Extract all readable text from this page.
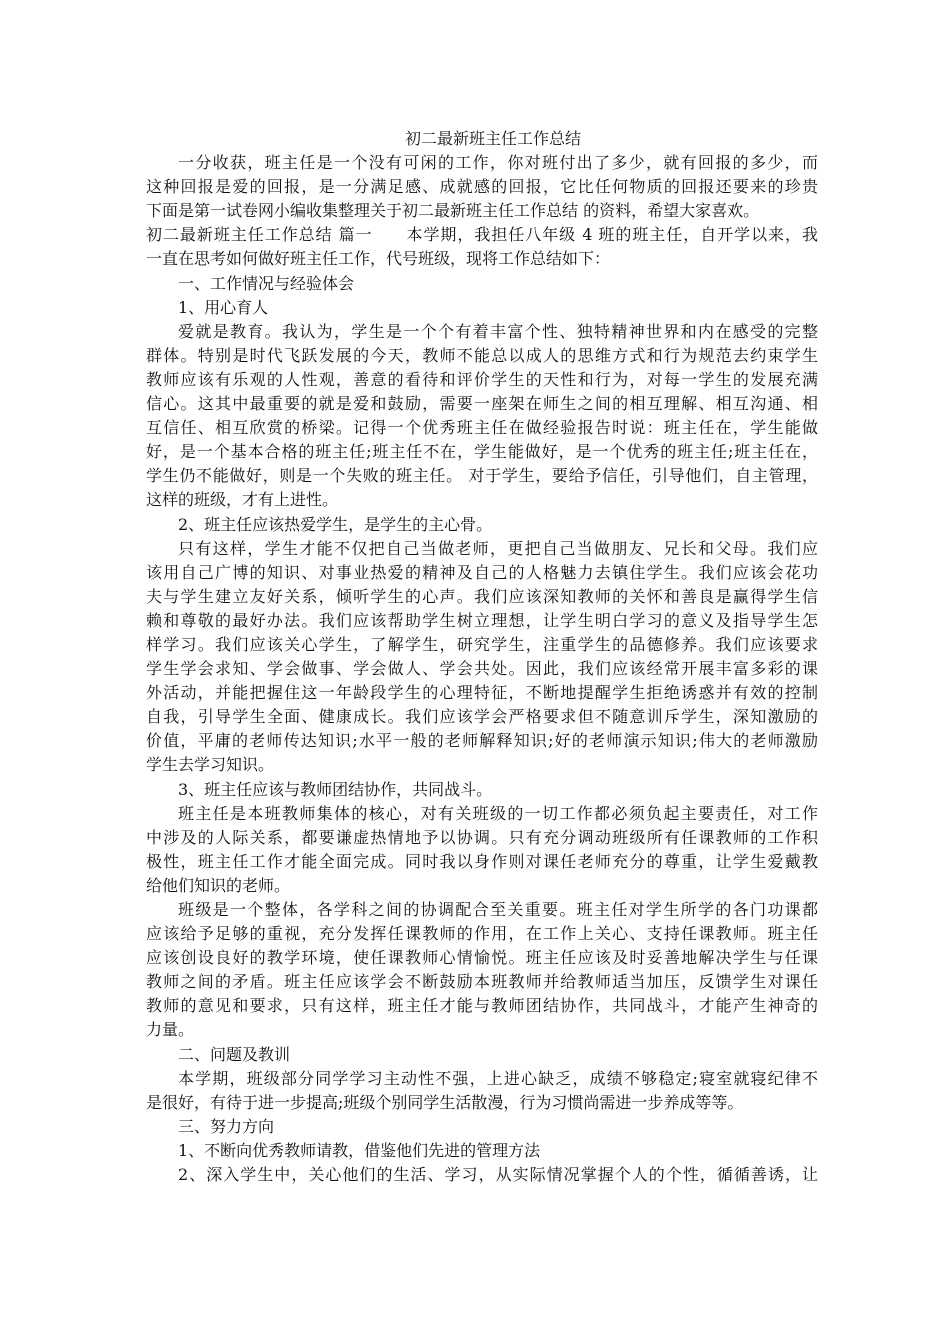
初二最新班主任工作总结
一分收获，班主任是一个没有可闲的工作，你对班付出了多少，就有回报的多少，而
这种回报是爱的回报，是一分满足感、成就感的回报，它比任何物质的回报还要来的珍贵
下面是第一试卷网小编收集整理关于初二最新班主任工作总结 的资料，希望大家喜欢。
初二最新班主任工作总结 篇一　　本学期，我担任八年级 4 班的班主任，自开学以来，我
一直在思考如何做好班主任工作，代号班级，现将工作总结如下：
一、工作情况与经验体会
1、用心育人
爱就是教育。我认为，学生是一个个有着丰富个性、独特精神世界和内在感受的完整
群体。特别是时代飞跃发展的今天，教师不能总以成人的思维方式和行为规范去约束学生
教师应该有乐观的人性观，善意的看待和评价学生的天性和行为，对每一学生的发展充满
信心。这其中最重要的就是爱和鼓励，需要一座架在师生之间的相互理解、相互沟通、相
互信任、相互欣赏的桥梁。记得一个优秀班主任在做经验报告时说：班主任在，学生能做
好，是一个基本合格的班主任;班主任不在，学生能做好，是一个优秀的班主任;班主任在，
学生仍不能做好，则是一个失败的班主任。 对于学生，要给予信任，引导他们，自主管理，
这样的班级，才有上进性。
2、班主任应该热爱学生，是学生的主心骨。
只有这样，学生才能不仅把自己当做老师，更把自己当做朋友、兄长和父母。我们应
该用自己广博的知识、对事业热爱的精神及自己的人格魅力去镇住学生。我们应该会花功
夫与学生建立友好关系，倾听学生的心声。我们应该深知教师的关怀和善良是赢得学生信
赖和尊敬的最好办法。我们应该帮助学生树立理想，让学生明白学习的意义及指导学生怎
样学习。我们应该关心学生，了解学生，研究学生，注重学生的品德修养。我们应该要求
学生学会求知、学会做事、学会做人、学会共处。因此，我们应该经常开展丰富多彩的课
外活动，并能把握住这一年龄段学生的心理特征，不断地提醒学生拒绝诱惑并有效的控制
自我，引导学生全面、健康成长。我们应该学会严格要求但不随意训斥学生，深知激励的
价值，平庸的老师传达知识;水平一般的老师解释知识;好的老师演示知识;伟大的老师激励
学生去学习知识。
3、班主任应该与教师团结协作，共同战斗。
班主任是本班教师集体的核心，对有关班级的一切工作都必须负起主要责任，对工作
中涉及的人际关系，都要谦虚热情地予以协调。只有充分调动班级所有任课教师的工作积
极性，班主任工作才能全面完成。同时我以身作则对课任老师充分的尊重，让学生爱戴教
给他们知识的老师。
班级是一个整体，各学科之间的协调配合至关重要。班主任对学生所学的各门功课都
应该给予足够的重视，充分发挥任课教师的作用，在工作上关心、支持任课教师。班主任
应该创设良好的教学环境，使任课教师心情愉悦。班主任应该及时妥善地解决学生与任课
教师之间的矛盾。班主任应该学会不断鼓励本班教师并给教师适当加压，反馈学生对课任
教师的意见和要求，只有这样，班主任才能与教师团结协作，共同战斗，才能产生神奇的
力量。
二、问题及教训
本学期，班级部分同学学习主动性不强，上进心缺乏，成绩不够稳定;寝室就寝纪律不
是很好，有待于进一步提高;班级个别同学生活散漫，行为习惯尚需进一步养成等等。
三、努力方向
1、不断向优秀教师请教，借鉴他们先进的管理方法
2、深入学生中，关心他们的生活、学习，从实际情况掌握个人的个性，循循善诱，让
